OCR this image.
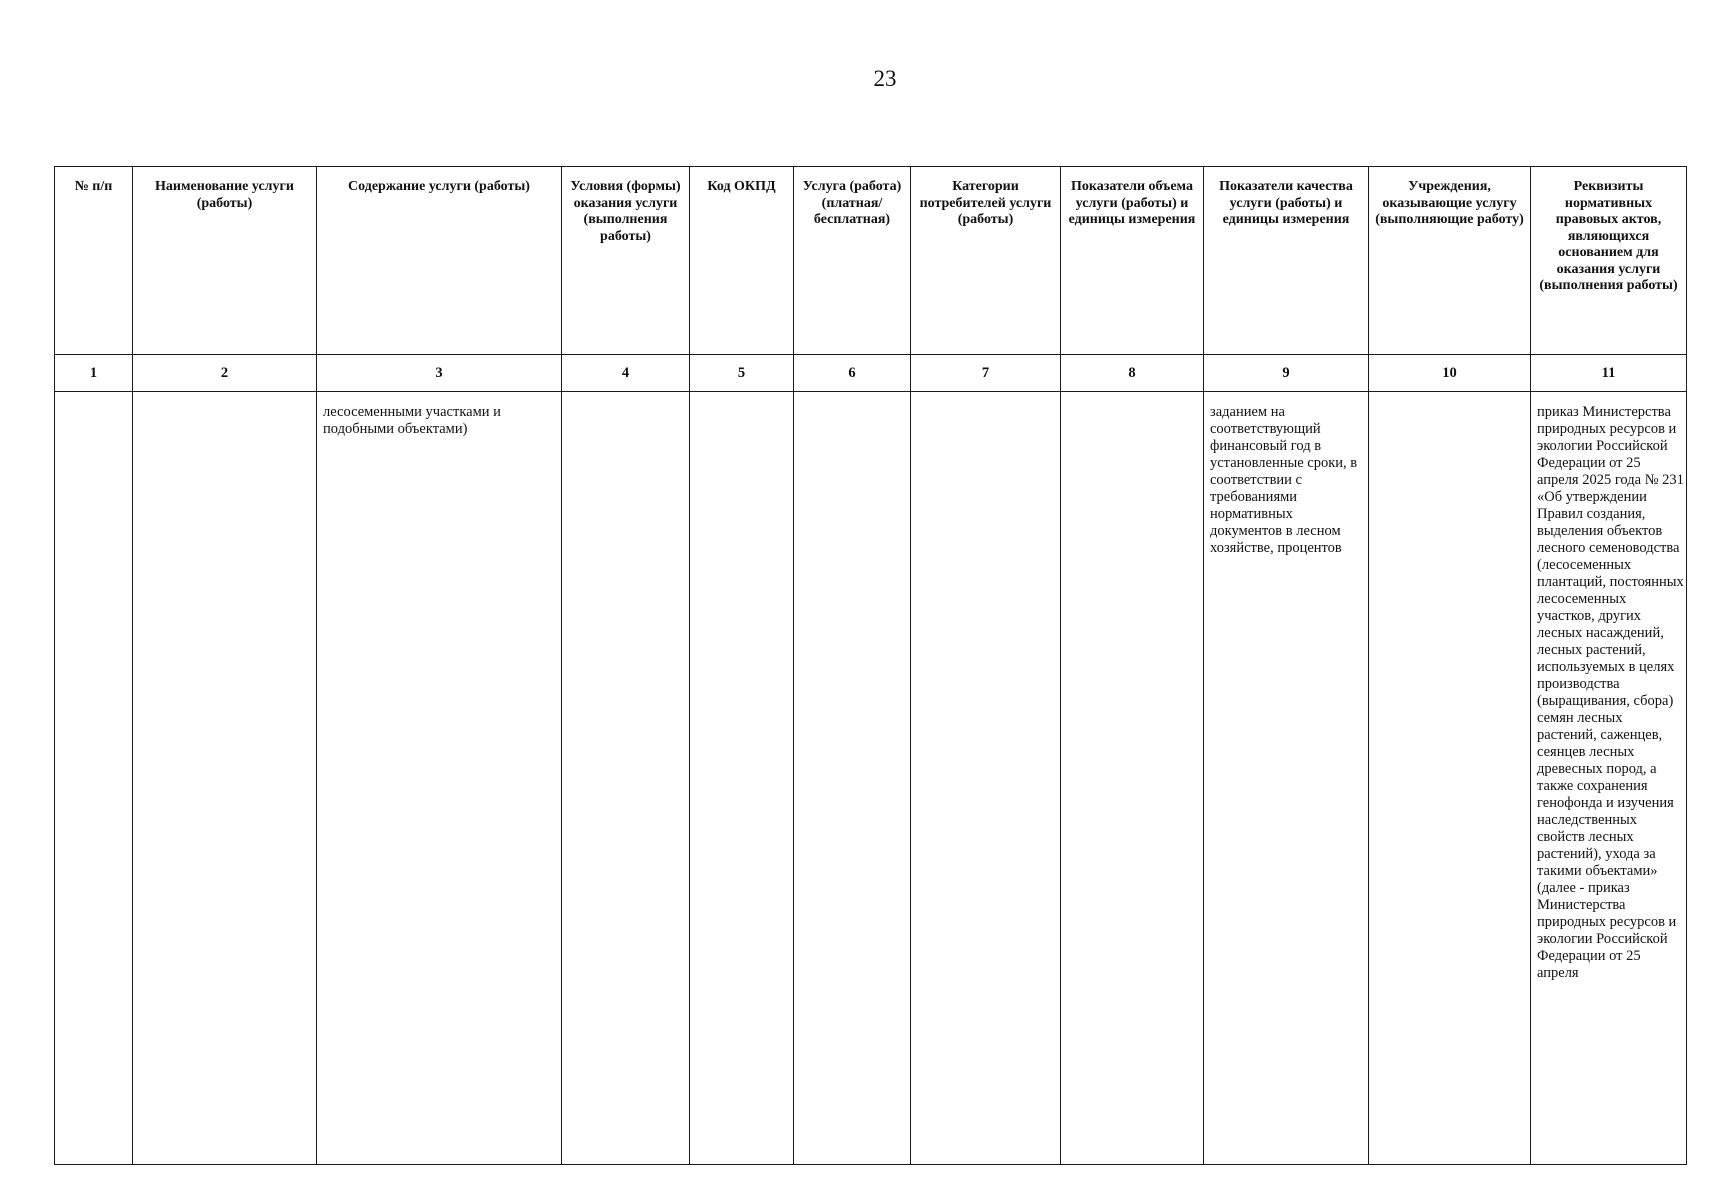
23
№ п/п	Наименование услуги (работы)	Содержание услуги (работы)	Условия (формы) оказания услуги (выполнения работы)	Код ОКПД	Услуга (работа) (платная/ бесплатная)	Категории потребителей услуги (работы)	Показатели объема услуги (работы) и единицы измерения	Показатели качества услуги (работы) и единицы измерения	Учреждения, оказывающие услугу (выполняющие работу)	Реквизиты нормативных правовых актов, являющихся основанием для оказания услуги (выполнения работы)
1	2	3	4	5	6	7	8	9	10	11
		лесосеменными участками и подобными объектами)						заданием на соответствующий финансовый год в установленные сроки, в соответствии с требованиями нормативных документов в лесном хозяйстве, процентов		приказ Министерства природных ресурсов и экологии Российской Федерации от 25 апреля 2025 года № 231 «Об утверждении Правил создания, выделения объектов лесного семеноводства (лесосеменных плантаций, постоянных лесосеменных участков, других лесных насаждений, лесных растений, используемых в целях производства (выращивания, сбора) семян лесных растений, саженцев, сеянцев лесных древесных пород, а также сохранения генофонда и изучения наследственных свойств лесных растений), ухода за такими объектами» (далее - приказ Министерства природных ресурсов и экологии Российской Федерации от 25 апреля
